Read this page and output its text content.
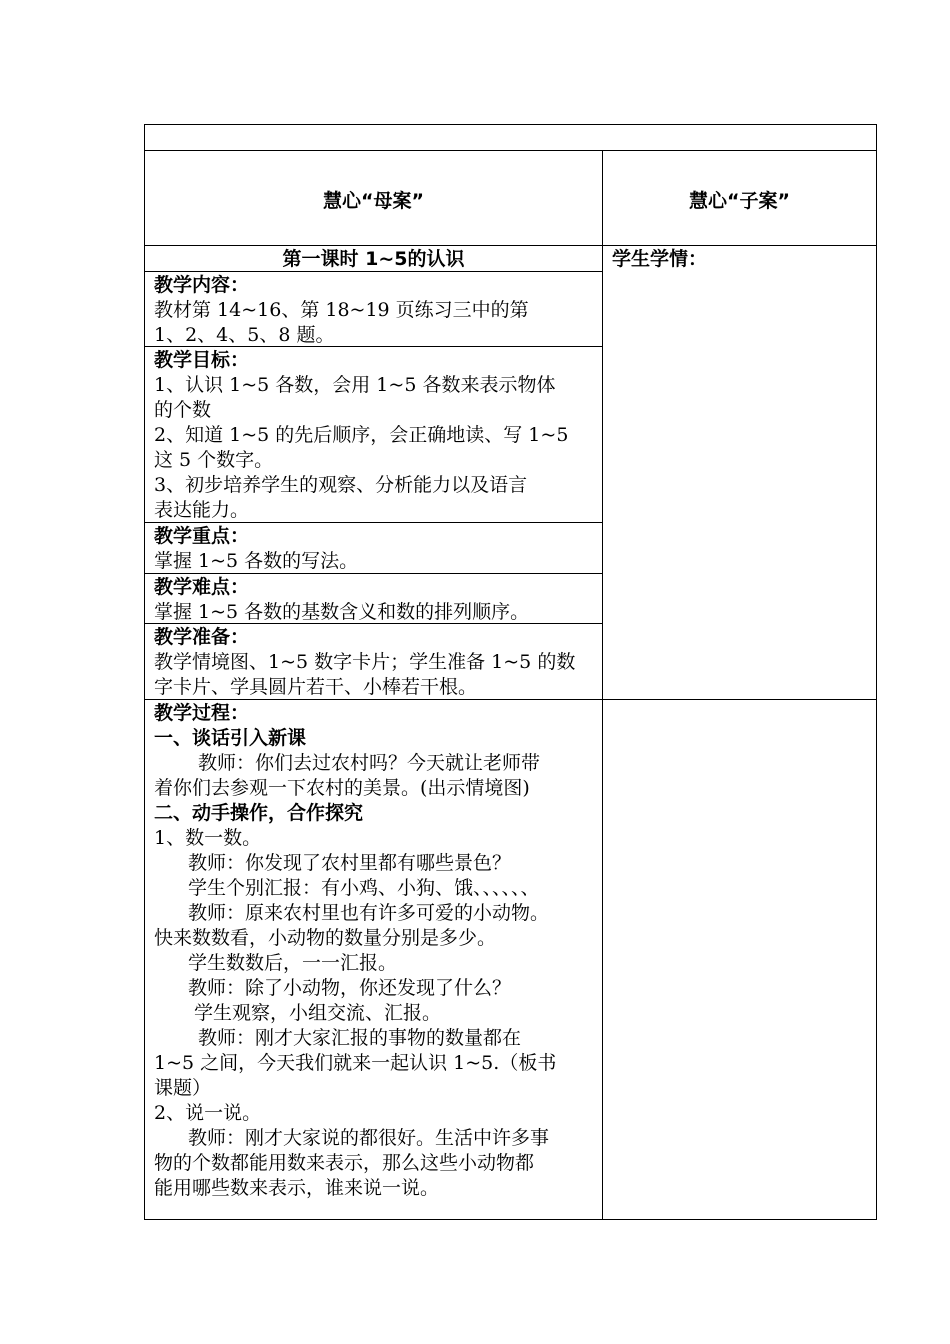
慧心“母案”	慧心“子案”
第一课时 1~5的认识	学生学情：

教学内容：

教材第 14~16、第 18~19 页练习三中的第

1、2、4、5、8 题。

教学目标：

1、认识 1~5 各数，会用 1~5 各数来表示物体

的个数

2、知道 1~5 的先后顺序，会正确地读、写 1~5

这 5 个数字。

3、初步培养学生的观察、分析能力以及语言

表达能力。

教学重点：

掌握 1~5 各数的写法。

教学难点：

掌握 1~5 各数的基数含义和数的排列顺序。

教学准备：

教学情境图、1~5 数字卡片；学生准备 1~5 的数

字卡片、学具圆片若干、小棒若干根。

教学过程：

一、谈话引入新课

教师：你们去过农村吗？今天就让老师带

着你们去参观一下农村的美景。(出示情境图)

二、动手操作，合作探究

1、数一数。

教师：你发现了农村里都有哪些景色？

学生个别汇报：有小鸡、小狗、饿、、、、、、

教师：原来农村里也有许多可爱的小动物。

快来数数看，小动物的数量分别是多少。

学生数数后，一一汇报。

教师：除了小动物，你还发现了什么？

学生观察，小组交流、汇报。

教师：刚才大家汇报的事物的数量都在

1~5 之间，今天我们就来一起认识 1~5.（板书

课题）

2、说一说。

教师：刚才大家说的都很好。生活中许多事

物的个数都能用数来表示，那么这些小动物都

能用哪些数来表示，谁来说一说。
